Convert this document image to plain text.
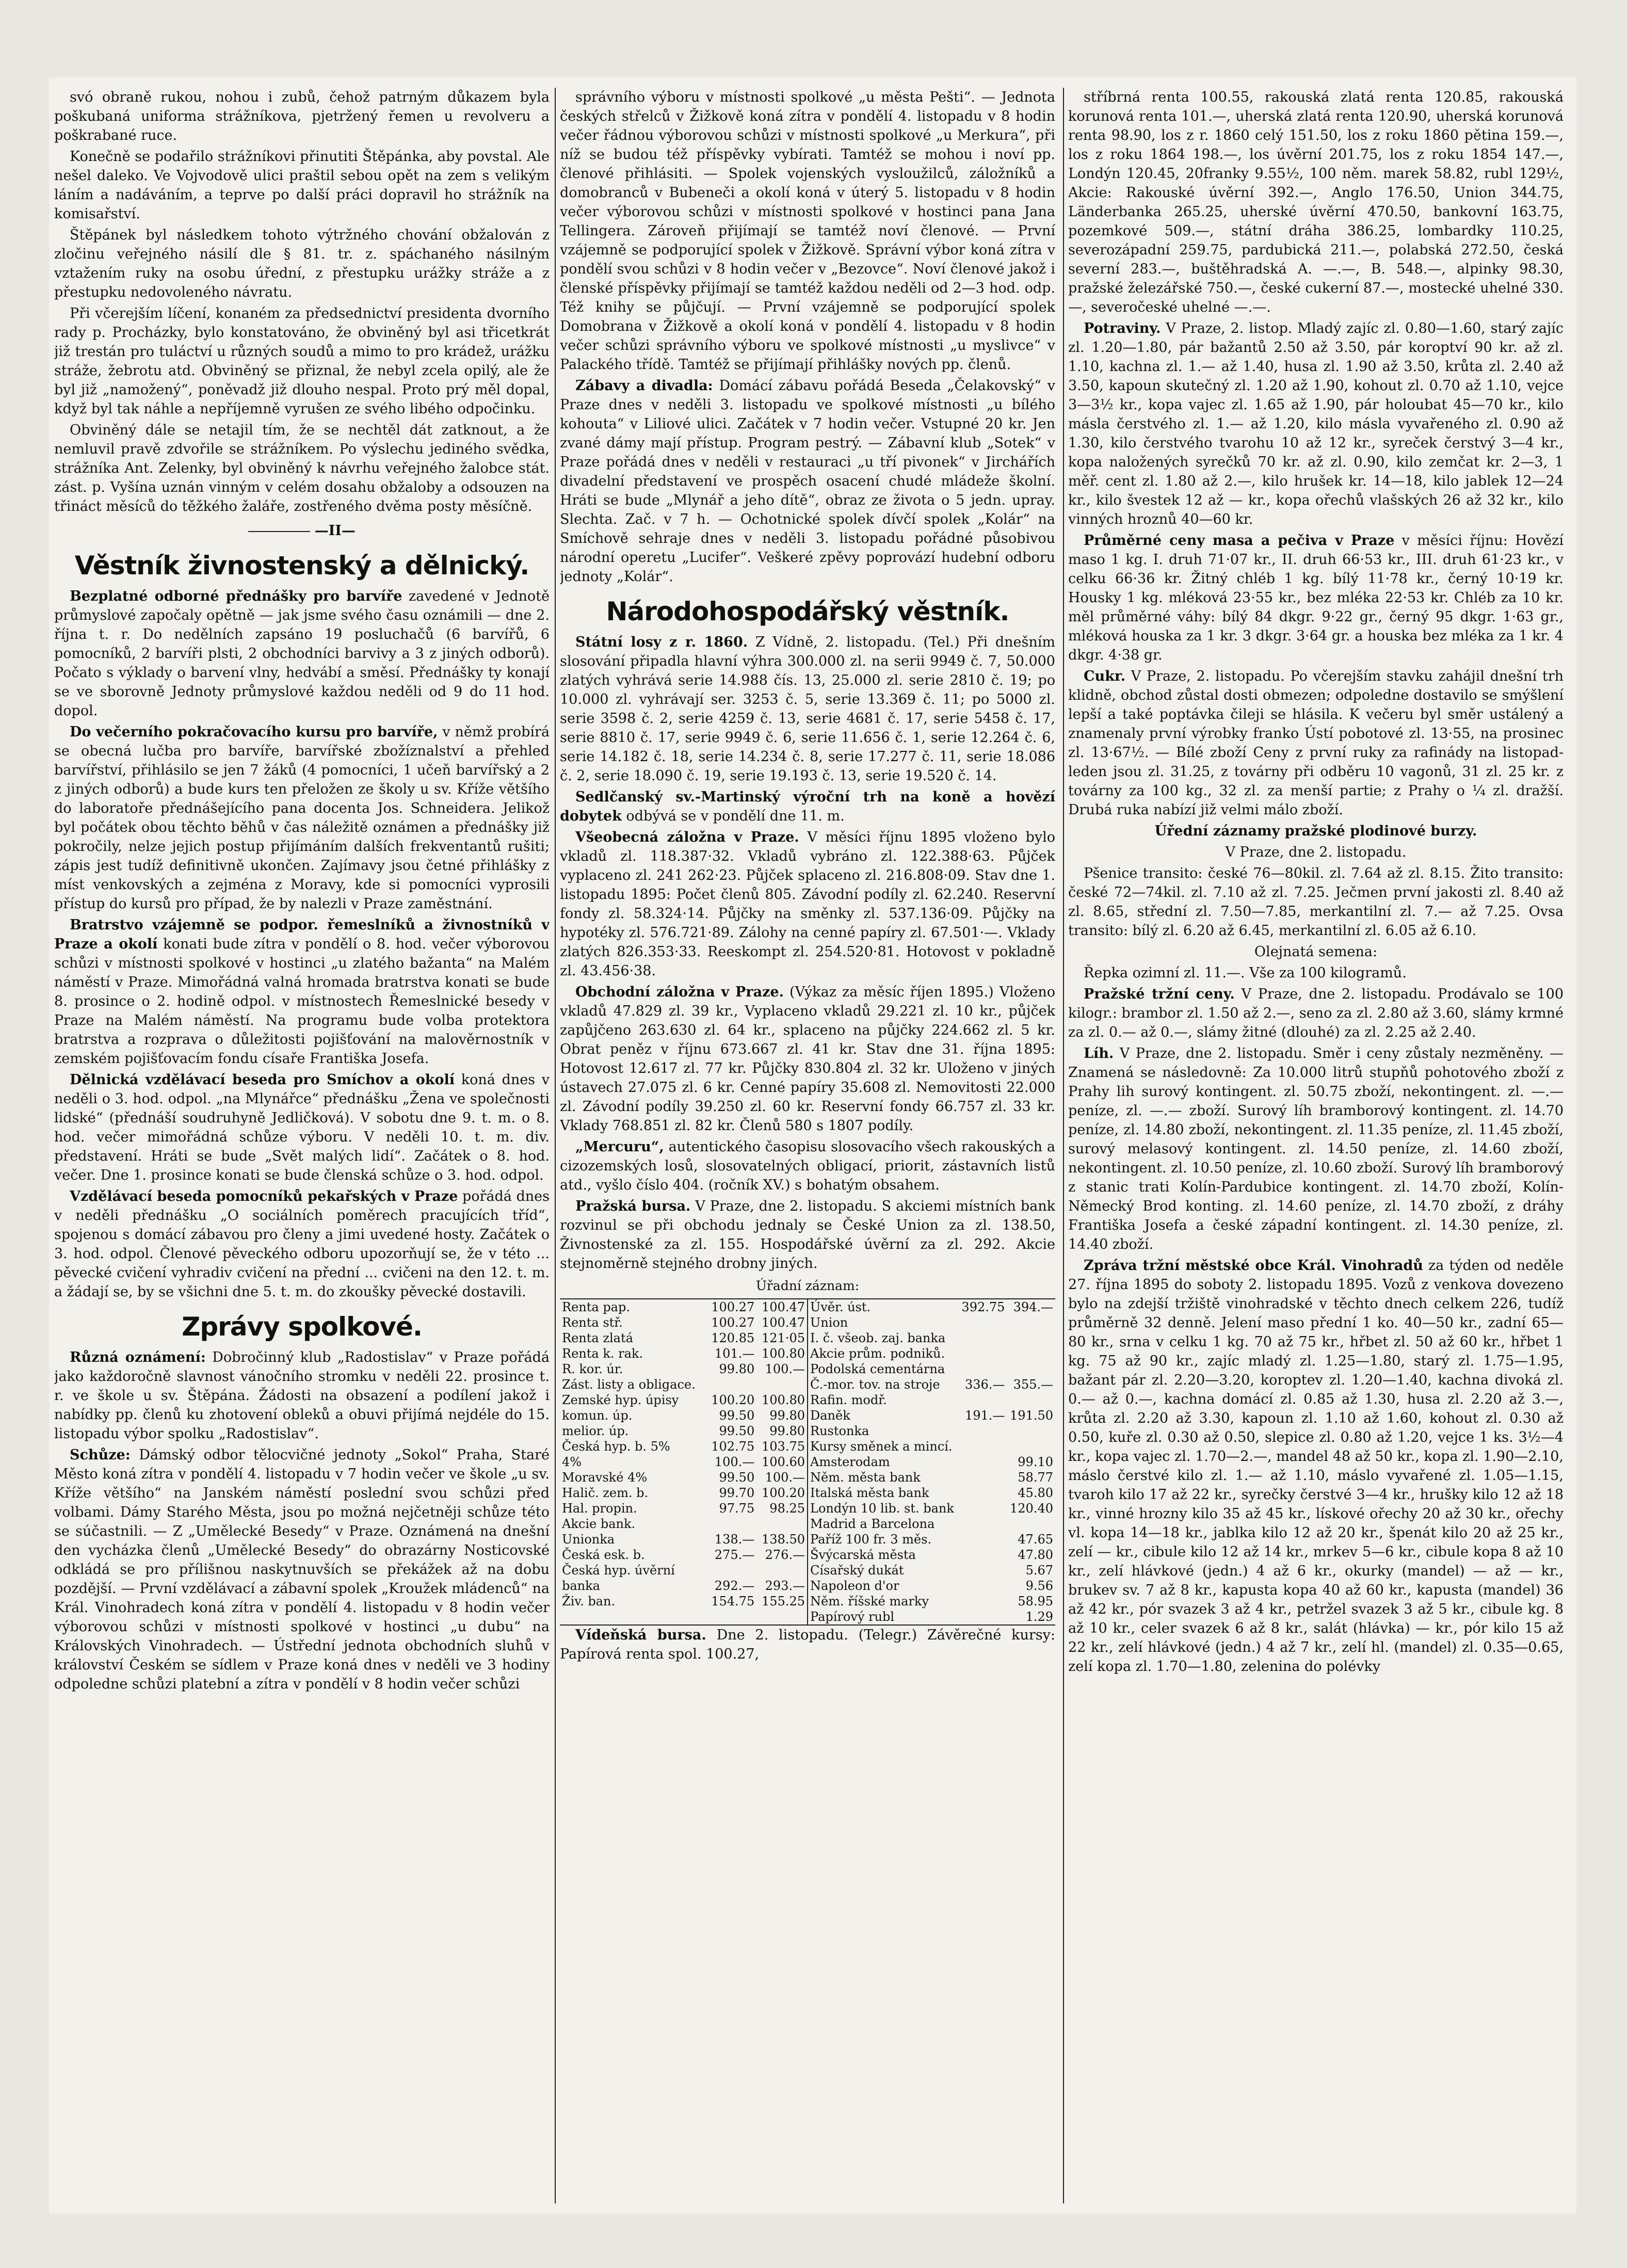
svó obraně rukou, nohou i zubů, čehož patrným důkazem byla poškubaná uniforma strážníkova, pjetržený řemen u revolveru a poškrabané ruce.

Konečně se podařilo strážníkovi přinutiti Štěpánka, aby povstal. Ale nešel daleko. Ve Vojvodově ulici praštil sebou opět na zem s velikým láním a nadáváním, a teprve po další práci dopravil ho strážník na komisařství.

Štěpánek byl následkem tohoto výtržného chování obžalován z zločinu veřejného násilí dle § 81. tr. z. spáchaného násilným vztažením ruky na osobu úřední, z přestupku urážky stráže a z přestupku nedovoleného návratu.

Při včerejším líčení, konaném za předsednictví presidenta dvorního rady p. Procházky, bylo konstatováno, že obviněný byl asi třicetkrát již trestán pro tuláctví u různých soudů a mimo to pro krádež, urážku stráže, žebrotu atd. Obviněný se přiznal, že nebyl zcela opilý, ale že byl již „namožený“, poněvadž již dlouho nespal. Proto prý měl dopal, když byl tak náhle a nepříjemně vyrušen ze svého libého odpočinku.

Obviněný dále se netajil tím, že se nechtěl dát zatknout, a že nemluvil pravě zdvořile se strážníkem. Po výslechu jediného svědka, strážníka Ant. Zelenky, byl obviněný k návrhu veřejného žalobce stát. zást. p. Vyšína uznán vinným v celém dosahu obžaloby a odsouzen na třináct měsíců do těžkého žaláře, zostřeného dvěma posty měsíčně.

—II—
Věstník živnostenský a dělnický.

Bezplatné odborné přednášky pro barvíře zavedené v Jednotě průmyslové započaly opětně — jak jsme svého času oznámili — dne 2. října t. r. Do nedělních zapsáno 19 posluchačů (6 barvířů, 6 pomocníků, 2 barvíři plsti, 2 obchodníci barvivy a 3 z jiných odborů). Počato s výklady o barvení vlny, hedvábí a směsí. Přednášky ty konají se ve sborovně Jednoty průmyslové každou neděli od 9 do 11 hod. dopol.

Do večerního pokračovacího kursu pro barvíře, v němž probírá se obecná lučba pro barvíře, barvířské zbožíznalství a přehled barvířství, přihlásilo se jen 7 žáků (4 pomocníci, 1 učeň barvířský a 2 z jiných odborů) a bude kurs ten přeložen ze školy u sv. Kříže většího do laboratoře přednášejícího pana docenta Jos. Schneidera. Jelikož byl počátek obou těchto běhů v čas náležitě oznámen a přednášky již pokročily, nelze jejich postup přijímáním dalších frekventantů rušiti; zápis jest tudíž definitivně ukončen. Zajímavy jsou četné přihlášky z míst venkovských a zejména z Moravy, kde si pomocníci vyprosili přístup do kursů pro případ, že by nalezli v Praze zaměstnání.

Bratrstvo vzájemně se podpor. řemeslníků a živnostníků v Praze a okolí konati bude zítra v pondělí o 8. hod. večer výborovou schůzi v místnosti spolkové v hostinci „u zlatého bažanta“ na Malém náměstí v Praze. Mimořádná valná hromada bratrstva konati se bude 8. prosince o 2. hodině odpol. v místnostech Řemeslnické besedy v Praze na Malém náměstí. Na programu bude volba protektora bratrstva a rozprava o důležitosti pojišťování na malověrnostník v zemském pojišťovacím fondu císaře Františka Josefa.

Dělnická vzdělávací beseda pro Smíchov a okolí koná dnes v neděli o 3. hod. odpol. „na Mlynářce“ přednášku „Žena ve společnosti lidské“ (přednáší soudruhyně Jedličková). V sobotu dne 9. t. m. o 8. hod. večer mimořádná schůze výboru. V neděli 10. t. m. div. představení. Hráti se bude „Svět malých lidí“. Začátek o 8. hod. večer. Dne 1. prosince konati se bude členská schůze o 3. hod. odpol.

Vzdělávací beseda pomocníků pekařských v Praze pořádá dnes v neděli přednášku „O sociálních poměrech pracujících tříd“, spojenou s domácí zábavou pro členy a jimi uvedené hosty. Začátek o 3. hod. odpol. Členové pěveckého odboru upozorňují se, že v této ... pěvecké cvičení vyhradiv cvičení na přední ... cvičeni na den 12. t. m. a žádají se, by se všichni dne 5. t. m. do zkoušky pěvecké dostavili.

Zprávy spolkové.

Různá oznámení: Dobročinný klub „Radostislav“ v Praze pořádá jako každoročně slavnost vánočního stromku v neděli 22. prosince t. r. ve škole u sv. Štěpána. Žádosti na obsazení a podílení jakož i nabídky pp. členů ku zhotovení obleků a obuvi přijímá nejdéle do 15. listopadu výbor spolku „Radostislav“.

Schůze: Dámský odbor tělocvičné jednoty „Sokol“ Praha, Staré Město koná zítra v pondělí 4. listopadu v 7 hodin večer ve škole „u sv. Kříže většího“ na Janském náměstí poslední svou schůzi před volbami. Dámy Starého Města, jsou po možná nejčetněji schůze této se súčastnili. — Z „Umělecké Besedy“ v Praze. Oznámená na dnešní den vycházka členů „Umělecké Besedy“ do obrazárny Nosticovské odkládá se pro přílišnou naskytnuvších se překážek až na dobu pozdější. — První vzdělávací a zábavní spolek „Kroužek mládenců“ na Král. Vinohradech koná zítra v pondělí 4. listopadu v 8 hodin večer výborovou schůzi v místnosti spolkové v hostinci „u dubu“ na Královských Vinohradech. — Ústřední jednota obchodních sluhů v království Českém se sídlem v Praze koná dnes v neděli ve 3 hodiny odpoledne schůzi platební a zítra v pondělí v 8 hodin večer schůzi

správního výboru v místnosti spolkové „u města Pešti“. — Jednota českých střelců v Žižkově koná zítra v pondělí 4. listopadu v 8 hodin večer řádnou výborovou schůzi v místnosti spolkové „u Merkura“, při níž se budou též příspěvky vybírati. Tamtéž se mohou i noví pp. členové přihlásiti. — Spolek vojenských vysloužilců, záložníků a domobranců v Bubeneči a okolí koná v úterý 5. listopadu v 8 hodin večer výborovou schůzi v místnosti spolkové v hostinci pana Jana Tellingera. Zároveň přijímají se tamtéž noví členové. — První vzájemně se podporující spolek v Žižkově. Správní výbor koná zítra v pondělí svou schůzi v 8 hodin večer v „Bezovce“. Noví členové jakož i členské příspěvky přijímají se tamtéž každou neděli od 2—3 hod. odp. Též knihy se půjčují. — První vzájemně se podporující spolek Domobrana v Žižkově a okolí koná v pondělí 4. listopadu v 8 hodin večer schůzi správního výboru ve spolkové místnosti „u myslivce“ v Palackého třídě. Tamtéž se přijímají přihlášky nových pp. členů.

Zábavy a divadla: Domácí zábavu pořádá Beseda „Čelakovský“ v Praze dnes v neděli 3. listopadu ve spolkové místnosti „u bílého kohouta“ v Liliové ulici. Začátek v 7 hodin večer. Vstupné 20 kr. Jen zvané dámy mají přístup. Program pestrý. — Zábavní klub „Sotek“ v Praze pořádá dnes v neděli v restauraci „u tří pivonek“ v Jirchářích divadelní představení ve prospěch osacení chudé mládeže školní. Hráti se bude „Mlynář a jeho dítě“, obraz ze života o 5 jedn. upray. Slechta. Zač. v 7 h. — Ochotnické spolek dívčí spolek „Kolár“ na Smíchově sehraje dnes v neděli 3. listopadu pořádné působivou národní operetu „Lucifer“. Veškeré zpěvy poprovází hudební odboru jednoty „Kolár“.

Národohospodářský věstník.

Státní losy z r. 1860. Z Vídně, 2. listopadu. (Tel.) Při dnešním slosování připadla hlavní výhra 300.000 zl. na serii 9949 č. 7, 50.000 zlatých vyhrává serie 14.988 čís. 13, 25.000 zl. serie 2810 č. 19; po 10.000 zl. vyhrávají ser. 3253 č. 5, serie 13.369 č. 11; po 5000 zl. serie 3598 č. 2, serie 4259 č. 13, serie 4681 č. 17, serie 5458 č. 17, serie 8810 č. 17, serie 9949 č. 6, serie 11.656 č. 1, serie 12.264 č. 6, serie 14.182 č. 18, serie 14.234 č. 8, serie 17.277 č. 11, serie 18.086 č. 2, serie 18.090 č. 19, serie 19.193 č. 13, serie 19.520 č. 14.

Sedlčanský sv.-Martinský výroční trh na koně a hovězí dobytek odbývá se v pondělí dne 11. m.

Všeobecná záložna v Praze. V měsíci říjnu 1895 vloženo bylo vkladů zl. 118.387·32. Vkladů vybráno zl. 122.388·63. Půjček vyplaceno zl. 241 262·23. Půjček splaceno zl. 216.808·09. Stav dne 1. listopadu 1895: Počet členů 805. Závodní podíly zl. 62.240. Reservní fondy zl. 58.324·14. Půjčky na směnky zl. 537.136·09. Půjčky na hypotéky zl. 576.721·89. Zálohy na cenné papíry zl. 67.501·—. Vklady zlatých 826.353·33. Reeskompt zl. 254.520·81. Hotovost v pokladně zl. 43.456·38.

Obchodní záložna v Praze. (Výkaz za měsíc říjen 1895.) Vloženo vkladů 47.829 zl. 39 kr., Vyplaceno vkladů 29.221 zl. 10 kr., půjček zapůjčeno 263.630 zl. 64 kr., splaceno na půjčky 224.662 zl. 5 kr. Obrat peněz v říjnu 673.667 zl. 41 kr. Stav dne 31. října 1895: Hotovost 12.617 zl. 77 kr. Půjčky 830.804 zl. 32 kr. Uloženo v jiných ústavech 27.075 zl. 6 kr. Cenné papíry 35.608 zl. Nemovitosti 22.000 zl. Závodní podíly 39.250 zl. 60 kr. Reservní fondy 66.757 zl. 33 kr. Vklady 768.851 zl. 82 kr. Členů 580 s 1807 podíly.

„Mercuru“, autentického časopisu slosovacího všech rakouských a cizozemských losů, slosovatelných obligací, priorit, zástavních listů atd., vyšlo číslo 404. (ročník XV.) s bohatým obsahem.

Pražská bursa. V Praze, dne 2. listopadu. S akciemi místních bank rozvinul se při obchodu jednaly se České Union za zl. 138.50, Živnostenské za zl. 155. Hospodářské úvěrní za zl. 292. Akcie stejnoměrně stejného drobny jiných.

Úřadní záznam:
Renta pap.	100.27	100.47
Renta stř.	100.27	100.47
Renta zlatá	120.85	121·05
Renta k. rak.	101.—	100.80
R. kor. úr.	99.80	100.—
Zást. listy a obligace.		
Zemské hyp. úpisy	100.20	100.80
komun. úp.	99.50	99.80
melior. úp.	99.50	99.80
Česká hyp. b. 5%	102.75	103.75
4%	100.—	100.60
Moravské 4%	99.50	100.—
Halič. zem. b.	99.70	100.20
Hal. propin.	97.75	98.25
Akcie bank.		
Unionka	138.—	138.50
Česká esk. b.	275.—	276.—
Česká hyp. úvěrní		
banka	292.—	293.—
Živ. ban.	154.75	155.25
Úvěr. úst.	392.75	394.—
Union		
I. č. všeob. zaj. banka		
Akcie prům. podniků.		
Podolská cementárna		
Č.-mor. tov. na stroje	336.—	355.—
Rafin. modř.		
Daněk	191.—	191.50
Rustonka		
Kursy směnek a mincí.		
Amsterodam		99.10
Něm. města bank		58.77
Italská města bank		45.80
Londýn 10 lib. st. bank		120.40
Madrid a Barcelona		
Paříž 100 fr. 3 měs.		47.65
Švýcarská města		47.80
Císařský dukát		5.67
Napoleon d'or		9.56
Něm. říšské marky		58.95
Papírový rubl		1.29

Vídeňská bursa. Dne 2. listopadu. (Telegr.) Závěrečné kursy: Papírová renta spol. 100.27,

stříbrná renta 100.55, rakouská zlatá renta 120.85, rakouská korunová renta 101.—, uherská zlatá renta 120.90, uherská korunová renta 98.90, los z r. 1860 celý 151.50, los z roku 1860 pětina 159.—, los z roku 1864 198.—, los úvěrní 201.75, los z roku 1854 147.—, Londýn 120.45, 20franky 9.55½, 100 něm. marek 58.82, rubl 129½, Akcie: Rakouské úvěrní 392.—, Anglo 176.50, Union 344.75, Länderbanka 265.25, uherské úvěrní 470.50, bankovní 163.75, pozemkové 509.—, státní dráha 386.25, lombardky 110.25, severozápadní 259.75, pardubická 211.—, polabská 272.50, česká severní 283.—, buštěhradská A. —.—, B. 548.—, alpinky 98.30, pražské železářské 750.—, české cukerní 87.—, mostecké uhelné 330.—, severočeské uhelné —.—.

Potraviny. V Praze, 2. listop. Mladý zajíc zl. 0.80—1.60, starý zajíc zl. 1.20—1.80, pár bažantů 2.50 až 3.50, pár koroptví 90 kr. až zl. 1.10, kachna zl. 1.— až 1.40, husa zl. 1.90 až 3.50, krůta zl. 2.40 až 3.50, kapoun skutečný zl. 1.20 až 1.90, kohout zl. 0.70 až 1.10, vejce 3—3½ kr., kopa vajec zl. 1.65 až 1.90, pár holoubat 45—70 kr., kilo másla čerstvého zl. 1.— až 1.20, kilo másla vyvařeného zl. 0.90 až 1.30, kilo čerstvého tvarohu 10 až 12 kr., syreček čerstvý 3—4 kr., kopa naložených syrečků 70 kr. až zl. 0.90, kilo zemčat kr. 2—3, 1 měř. cent zl. 1.80 až 2.—, kilo hrušek kr. 14—18, kilo jablek 12—24 kr., kilo švestek 12 až — kr., kopa ořechů vlašských 26 až 32 kr., kilo vinných hroznů 40—60 kr.

Průměrné ceny masa a pečiva v Praze v měsíci říjnu: Hovězí maso 1 kg. I. druh 71·07 kr., II. druh 66·53 kr., III. druh 61·23 kr., v celku 66·36 kr. Žitný chléb 1 kg. bílý 11·78 kr., černý 10·19 kr. Housky 1 kg. mléková 23·55 kr., bez mléka 22·53 kr. Chléb za 10 kr. měl průměrné váhy: bílý 84 dkgr. 9·22 gr., černý 95 dkgr. 1·63 gr., mléková houska za 1 kr. 3 dkgr. 3·64 gr. a houska bez mléka za 1 kr. 4 dkgr. 4·38 gr.

Cukr. V Praze, 2. listopadu. Po včerejším stavku zahájil dnešní trh klidně, obchod zůstal dosti obmezen; odpoledne dostavilo se smýšlení lepší a také poptávka čileji se hlásila. K večeru byl směr ustálený a znamenaly první výrobky franko Ústí pobotové zl. 13·55, na prosinec zl. 13·67½. — Bílé zboží Ceny z první ruky za rafinády na listopad-leden jsou zl. 31.25, z továrny při odběru 10 vagonů, 31 zl. 25 kr. z továrny za 100 kg., 32 zl. za menší partie; z Prahy o ¼ zl. dražší. Drubá ruka nabízí již velmi málo zboží.

Úřední záznamy pražské plodinové burzy.

V Praze, dne 2. listopadu.

Pšenice transito: české 76—80kil. zl. 7.64 až zl. 8.15. Žito transito: české 72—74kil. zl. 7.10 až zl. 7.25. Ječmen první jakosti zl. 8.40 až zl. 8.65, střední zl. 7.50—7.85, merkantilní zl. 7.— až 7.25. Ovsa transito: bílý zl. 6.20 až 6.45, merkantilní zl. 6.05 až 6.10.

Olejnatá semena:

Řepka ozimní zl. 11.—. Vše za 100 kilogramů.

Pražské tržní ceny. V Praze, dne 2. listopadu. Prodávalo se 100 kilogr.: brambor zl. 1.50 až 2.—, seno za zl. 2.80 až 3.60, slámy krmné za zl. 0.— až 0.—, slámy žitné (dlouhé) za zl. 2.25 až 2.40.

Líh. V Praze, dne 2. listopadu. Směr i ceny zůstaly nezměněny. — Znamená se následovně: Za 10.000 litrů stupňů pohotového zboží z Prahy lih surový kontingent. zl. 50.75 zboží, nekontingent. zl. —.— peníze, zl. —.— zboží. Surový líh bramborový kontingent. zl. 14.70 peníze, zl. 14.80 zboží, nekontingent. zl. 11.35 peníze, zl. 11.45 zboží, surový melasový kontingent. zl. 14.50 peníze, zl. 14.60 zboží, nekontingent. zl. 10.50 peníze, zl. 10.60 zboží. Surový líh bramborový z stanic trati Kolín-Pardubice kontingent. zl. 14.70 zboží, Kolín-Německý Brod konting. zl. 14.60 peníze, zl. 14.70 zboží, z dráhy Františka Josefa a české západní kontingent. zl. 14.30 peníze, zl. 14.40 zboží.

Zpráva tržní městské obce Král. Vinohradů za týden od neděle 27. října 1895 do soboty 2. listopadu 1895. Vozů z venkova dovezeno bylo na zdejší tržiště vinohradské v těchto dnech celkem 226, tudíž průměrně 32 denně. Jelení maso přední 1 ko. 40—50 kr., zadní 65—80 kr., srna v celku 1 kg. 70 až 75 kr., hřbet zl. 50 až 60 kr., hřbet 1 kg. 75 až 90 kr., zajíc mladý zl. 1.25—1.80, starý zl. 1.75—1.95, bažant pár zl. 2.20—3.20, koroptev zl. 1.20—1.40, kachna divoká zl. 0.— až 0.—, kachna domácí zl. 0.85 až 1.30, husa zl. 2.20 až 3.—, krůta zl. 2.20 až 3.30, kapoun zl. 1.10 až 1.60, kohout zl. 0.30 až 0.50, kuře zl. 0.30 až 0.50, slepice zl. 0.80 až 1.20, vejce 1 ks. 3½—4 kr., kopa vajec zl. 1.70—2.—, mandel 48 až 50 kr., kopa zl. 1.90—2.10, máslo čerstvé kilo zl. 1.— až 1.10, máslo vyvařené zl. 1.05—1.15, tvaroh kilo 17 až 22 kr., syrečky čerstvé 3—4 kr., hrušky kilo 12 až 18 kr., vinné hrozny kilo 35 až 45 kr., lískové ořechy 20 až 30 kr., ořechy vl. kopa 14—18 kr., jablka kilo 12 až 20 kr., špenát kilo 20 až 25 kr., zelí — kr., cibule kilo 12 až 14 kr., mrkev 5—6 kr., cibule kopa 8 až 10 kr., zelí hlávkové (jedn.) 4 až 6 kr., okurky (mandel) — až — kr., brukev sv. 7 až 8 kr., kapusta kopa 40 až 60 kr., kapusta (mandel) 36 až 42 kr., pór svazek 3 až 4 kr., petržel svazek 3 až 5 kr., cibule kg. 8 až 10 kr., celer svazek 6 až 8 kr., salát (hlávka) — kr., pór kilo 15 až 22 kr., zelí hlávkové (jedn.) 4 až 7 kr., zelí hl. (mandel) zl. 0.35—0.65, zelí kopa zl. 1.70—1.80, zelenina do polévky
